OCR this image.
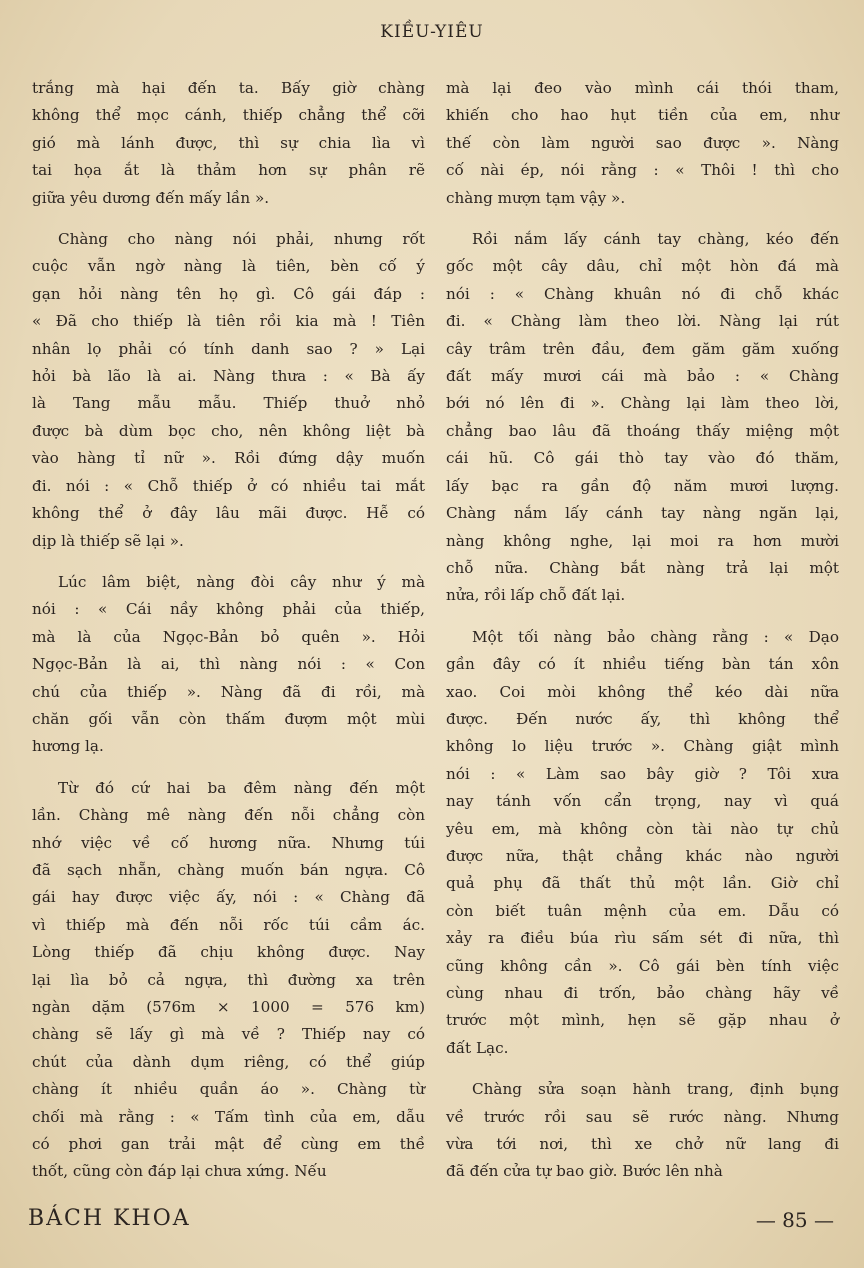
KIỀU-YIÊU

trắng mà hại đến ta. Bấy giờ chàng
không thể mọc cánh, thiếp chẳng thể cỡi
gió mà lánh được, thì sự chia lìa vì
tai họa ắt là thảm hơn sự phân rẽ
giữa yêu dương đến mấy lần ».

Chàng cho nàng nói phải, nhưng rốt
cuộc vẫn ngờ nàng là tiên, bèn cố ý
gạn hỏi nàng tên họ gì. Cô gái đáp :
« Đã cho thiếp là tiên rồi kia mà ! Tiên
nhân lọ phải có tính danh sao ? » Lại
hỏi bà lão là ai. Nàng thưa : « Bà ấy
là Tang mẫu mẫu. Thiếp thuở nhỏ
được bà dùm bọc cho, nên không liệt bà
vào hàng tỉ nữ ». Rồi đứng dậy muốn
đi. nói : « Chỗ thiếp ở có nhiều tai mắt
không thể ở đây lâu mãi được. Hễ có
dịp là thiếp sẽ lại ».

Lúc lâm biệt, nàng đòi cây như ý mà
nói : « Cái nầy không phải của thiếp,
mà là của Ngọc-Bản bỏ quên ». Hỏi
Ngọc-Bản là ai, thì nàng nói : « Con
chú của thiếp ». Nàng đã đi rồi, mà
chăn gối vẫn còn thấm đượm một mùi
hương lạ.

Từ đó cứ hai ba đêm nàng đến một
lần. Chàng mê nàng đến nỗi chẳng còn
nhớ việc về cố hương nữa. Nhưng túi
đã sạch nhẵn, chàng muốn bán ngựa. Cô
gái hay được việc ấy, nói : « Chàng đã
vì thiếp mà đến nỗi rốc túi cầm ác.
Lòng thiếp đã chịu không được. Nay
lại lìa bỏ cả ngựa, thì đường xa trên
ngàn dặm (576m × 1000 = 576 km)
chàng sẽ lấy gì mà về ? Thiếp nay có
chút của dành dụm riêng, có thể giúp
chàng ít nhiều quần áo ». Chàng từ
chối mà rằng : « Tấm tình của em, dẫu
có phơi gan trải mật để cùng em thề
thốt, cũng còn đáp lại chưa xứng. Nếu

mà lại đeo vào mình cái thói tham,
khiến cho hao hụt tiền của em, như
thế còn làm người sao được ». Nàng
cố nài ép, nói rằng : « Thôi ! thì cho
chàng mượn tạm vậy ».

Rồi nắm lấy cánh tay chàng, kéo đến
gốc một cây dâu, chỉ một hòn đá mà
nói : « Chàng khuân nó đi chỗ khác
đi. « Chàng làm theo lời. Nàng lại rút
cây trâm trên đầu, đem găm găm xuống
đất mấy mươi cái mà bảo : « Chàng
bới nó lên đi ». Chàng lại làm theo lời,
chẳng bao lâu đã thoáng thấy miệng một
cái hũ. Cô gái thò tay vào đó thăm,
lấy bạc ra gần độ năm mươi lượng.
Chàng nắm lấy cánh tay nàng ngăn lại,
nàng không nghe, lại moi ra hơn mười
chỗ nữa. Chàng bắt nàng trả lại một
nửa, rồi lấp chỗ đất lại.

Một tối nàng bảo chàng rằng : « Dạo
gần đây có ít nhiều tiếng bàn tán xôn
xao. Coi mòi không thể kéo dài nữa
được. Đến nước ấy, thì không thể
không lo liệu trước ». Chàng giật mình
nói : « Làm sao bây giờ ? Tôi xưa
nay tánh vốn cẩn trọng, nay vì quá
yêu em, mà không còn tài nào tự chủ
được nữa, thật chẳng khác nào người
quả phụ đã thất thủ một lần. Giờ chỉ
còn biết tuân mệnh của em. Dẫu có
xảy ra điều búa rìu sấm sét đi nữa, thì
cũng không cần ». Cô gái bèn tính việc
cùng nhau đi trốn, bảo chàng hãy về
trước một mình, hẹn sẽ gặp nhau ở
đất Lạc.

Chàng sửa soạn hành trang, định bụng
về trước rồi sau sẽ rước nàng. Nhưng
vừa tới nơi, thì xe chở nữ lang đi
đã đến cửa tự bao giờ. Bước lên nhà

BÁCH KHOA	— 85 —
